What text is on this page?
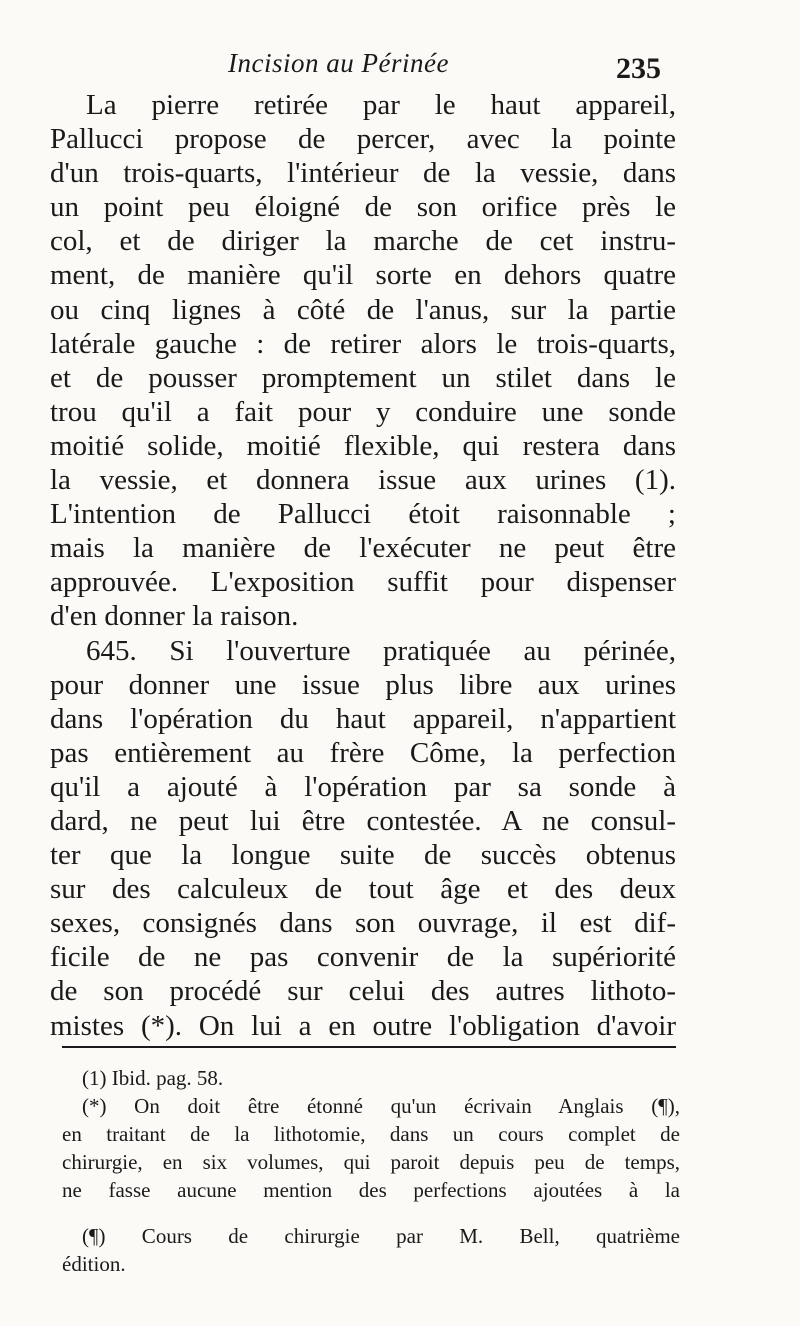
Incision au Périnée	235
La pierre retirée par le haut appareil,
Pallucci propose de percer, avec la pointe
d'un trois-quarts, l'intérieur de la vessie, dans
un point peu éloigné de son orifice près le
col, et de diriger la marche de cet instru-
ment, de manière qu'il sorte en dehors quatre
ou cinq lignes à côté de l'anus, sur la partie
latérale gauche : de retirer alors le trois-quarts,
et de pousser promptement un stilet dans le
trou qu'il a fait pour y conduire une sonde
moitié solide, moitié flexible, qui restera dans
la vessie, et donnera issue aux urines (1).
L'intention de Pallucci étoit raisonnable ;
mais la manière de l'exécuter ne peut être
approuvée. L'exposition suffit pour dispenser
d'en donner la raison.
645. Si l'ouverture pratiquée au périnée,
pour donner une issue plus libre aux urines
dans l'opération du haut appareil, n'appartient
pas entièrement au frère Côme, la perfection
qu'il a ajouté à l'opération par sa sonde à
dard, ne peut lui être contestée. A ne consul-
ter que la longue suite de succès obtenus
sur des calculeux de tout âge et des deux
sexes, consignés dans son ouvrage, il est dif-
ficile de ne pas convenir de la supériorité
de son procédé sur celui des autres lithoto-
mistes (*). On lui a en outre l'obligation d'avoir
(1) Ibid. pag. 58.
(*) On doit être étonné qu'un écrivain Anglais (¶),
en traitant de la lithotomie, dans un cours complet de
chirurgie, en six volumes, qui paroit depuis peu de temps,
ne fasse aucune mention des perfections ajoutées à la
(¶) Cours de chirurgie par M. Bell, quatrième
édition.
